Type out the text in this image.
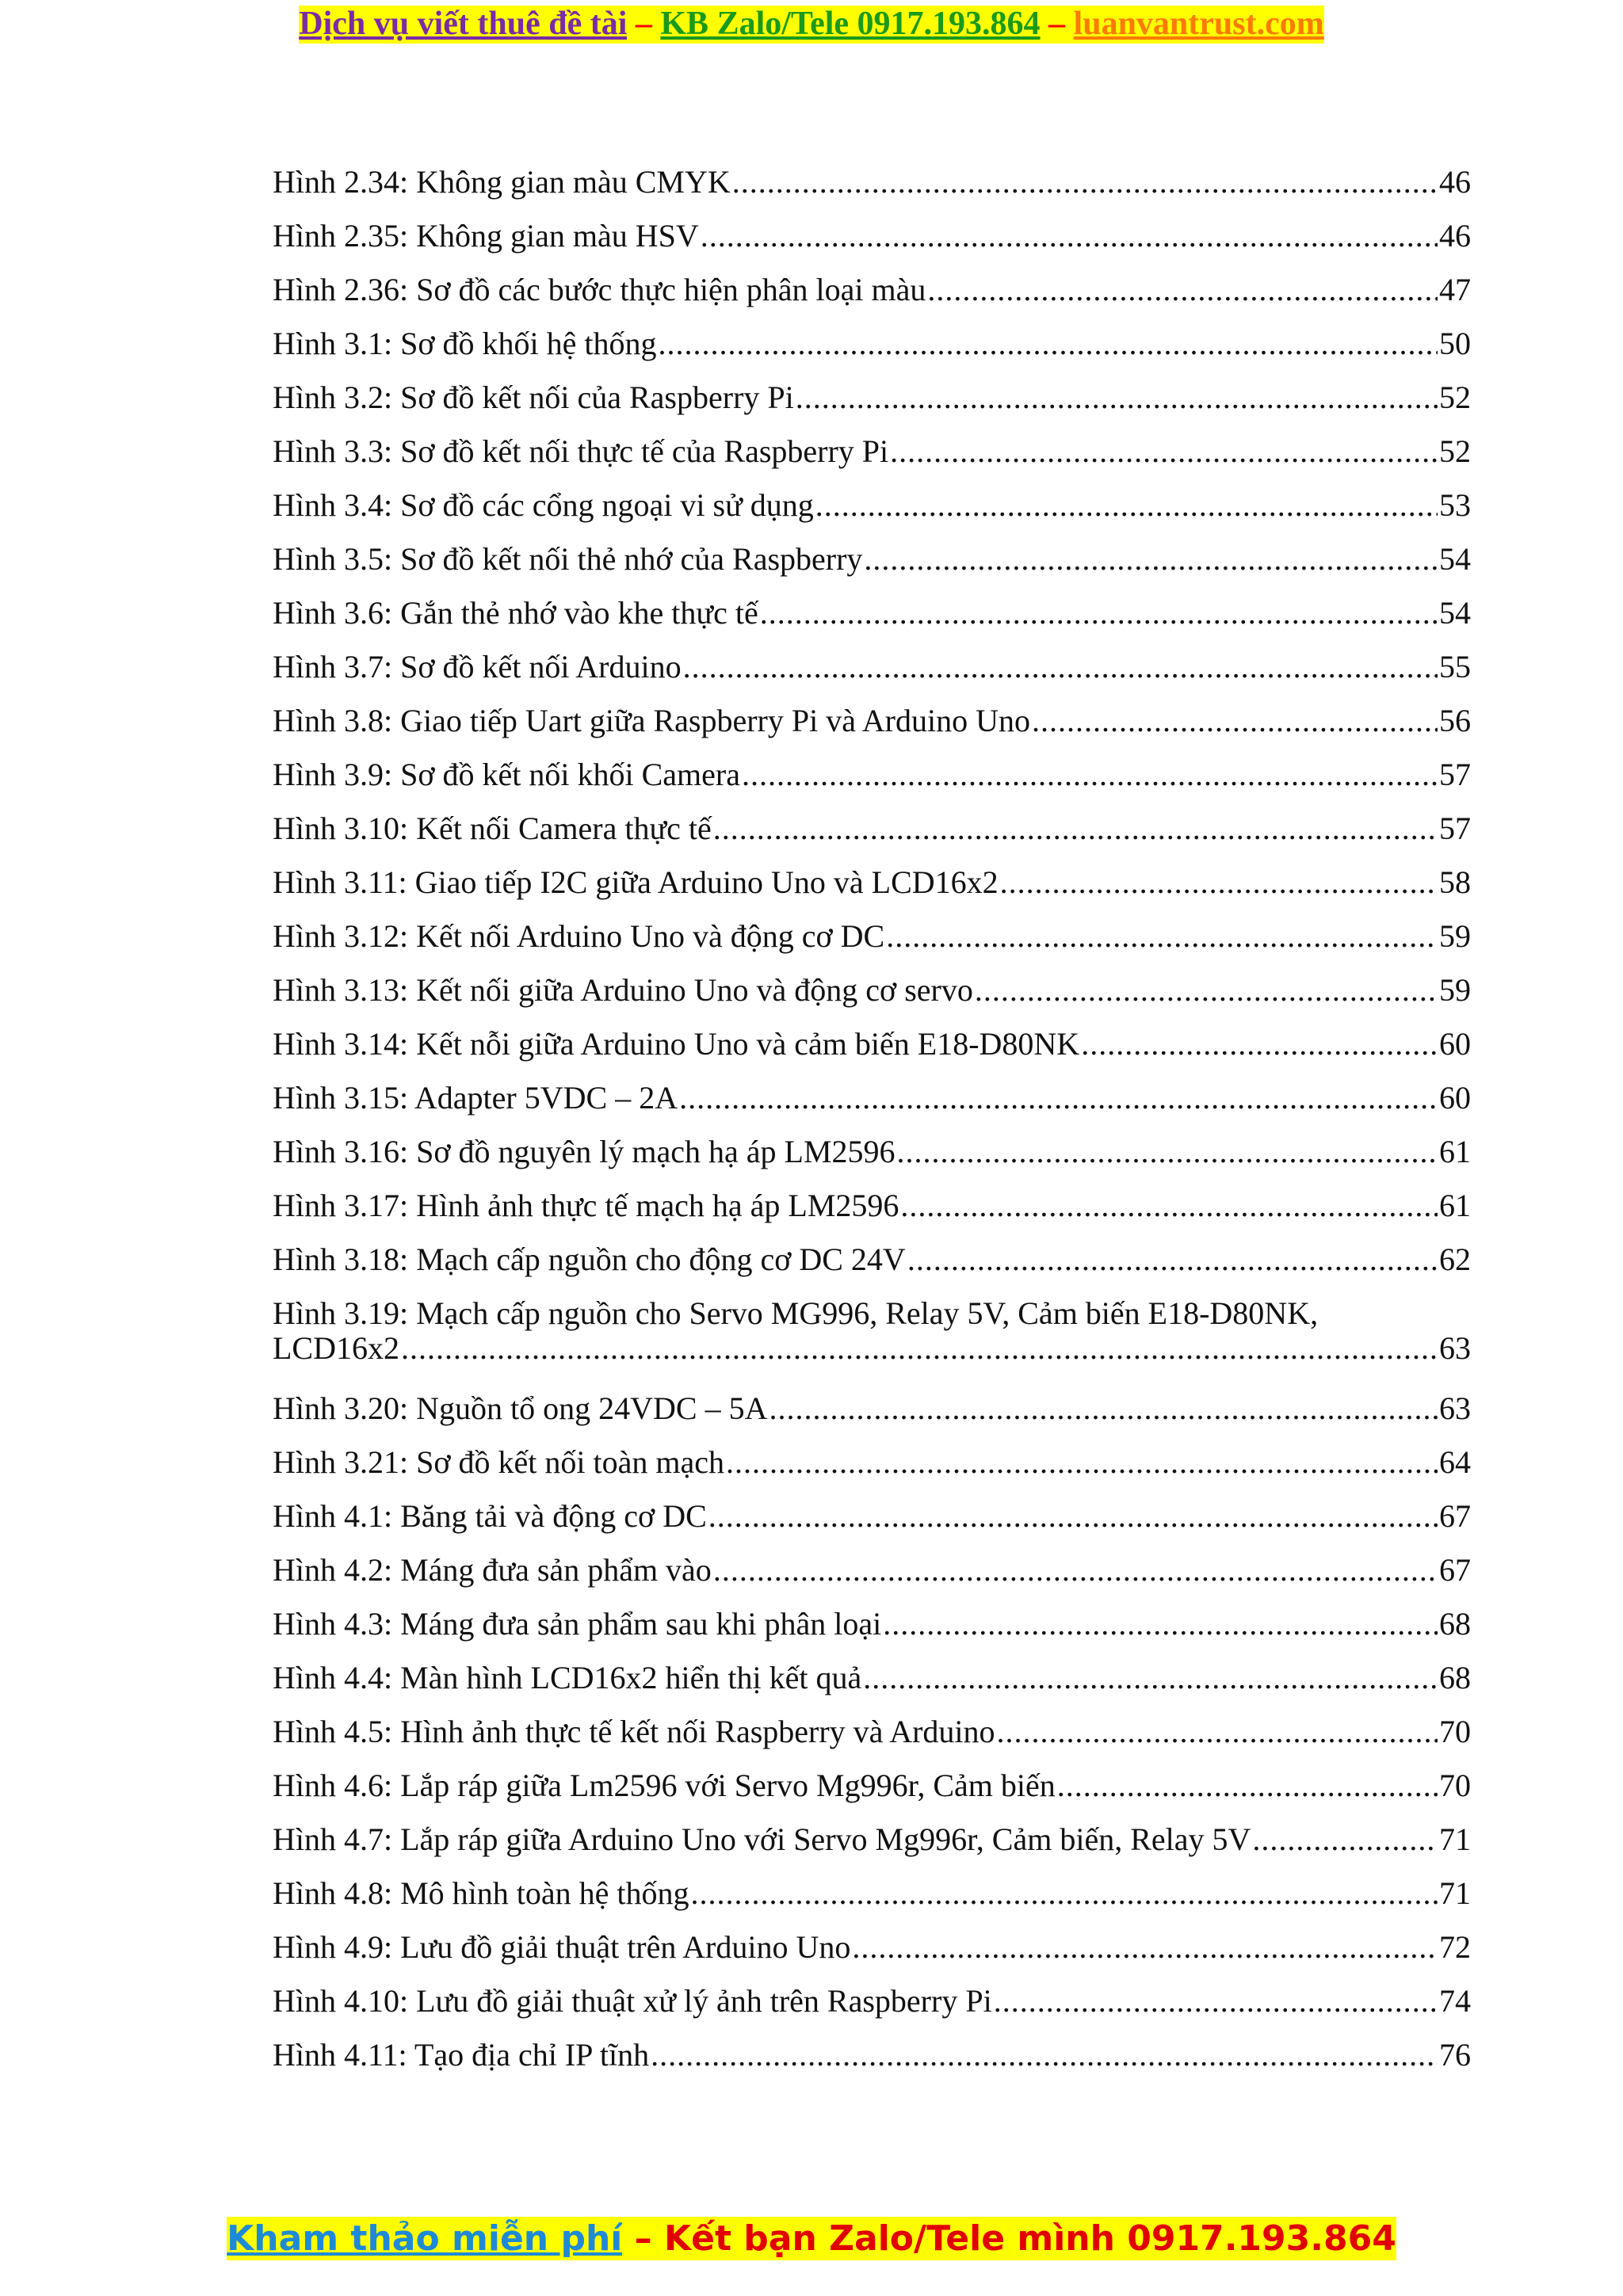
Dịch vụ viết thuê đề tài – KB Zalo/Tele 0917.193.864 – luanvantrust.com
Hình 2.34: Không gian màu CMYK .....	46
Hình 2.35: Không gian màu HSV .....	46
Hình 2.36: Sơ đồ các bước thực hiện phân loại màu .....	47
Hình 3.1: Sơ đồ khối hệ thống .....	50
Hình 3.2: Sơ đồ kết nối của Raspberry Pi .....	52
Hình 3.3: Sơ đồ kết nối thực tế của Raspberry Pi .....	52
Hình 3.4: Sơ đồ các cổng ngoại vi sử dụng .....	53
Hình 3.5: Sơ đồ kết nối thẻ nhớ của Raspberry .....	54
Hình 3.6: Gắn thẻ nhớ vào khe thực tế .....	54
Hình 3.7: Sơ đồ kết nối Arduino .....	55
Hình 3.8: Giao tiếp Uart giữa Raspberry Pi và Arduino Uno .....	56
Hình 3.9: Sơ đồ kết nối khối Camera .....	57
Hình 3.10: Kết nối Camera thực tế .....	57
Hình 3.11: Giao tiếp I2C giữa Arduino Uno và LCD16x2 .....	58
Hình 3.12: Kết nối Arduino Uno và động cơ DC .....	59
Hình 3.13: Kết nối giữa Arduino Uno và động cơ servo .....	59
Hình 3.14: Kết nỗi giữa Arduino Uno và cảm biến E18-D80NK .....	60
Hình 3.15: Adapter 5VDC – 2A .....	60
Hình 3.16: Sơ đồ nguyên lý mạch hạ áp LM2596 .....	61
Hình 3.17: Hình ảnh thực tế mạch hạ áp LM2596 .....	61
Hình 3.18: Mạch cấp nguồn cho động cơ DC 24V .....	62
Hình 3.19: Mạch cấp nguồn cho Servo MG996, Relay 5V, Cảm biến E18-D80NK,
LCD16x2 .....	63
Hình 3.20: Nguồn tổ ong 24VDC – 5A .....	63
Hình 3.21: Sơ đồ kết nối toàn mạch .....	64
Hình 4.1: Băng tải và động cơ DC .....	67
Hình 4.2: Máng đưa sản phẩm vào .....	67
Hình 4.3: Máng đưa sản phẩm sau khi phân loại .....	68
Hình 4.4: Màn hình LCD16x2 hiển thị kết quả .....	68
Hình 4.5: Hình ảnh thực tế kết nối Raspberry và Arduino .....	70
Hình 4.6: Lắp ráp giữa Lm2596 với Servo Mg996r, Cảm biến .....	70
Hình 4.7: Lắp ráp giữa Arduino Uno với Servo Mg996r, Cảm biến, Relay 5V .....	71
Hình 4.8: Mô hình toàn hệ thống .....	71
Hình 4.9: Lưu đồ giải thuật trên Arduino Uno .....	72
Hình 4.10: Lưu đồ giải thuật xử lý ảnh trên Raspberry Pi .....	74
Hình 4.11: Tạo địa chỉ IP tĩnh .....	76
Kham thảo miễn phí – Kết bạn Zalo/Tele mình 0917.193.864
